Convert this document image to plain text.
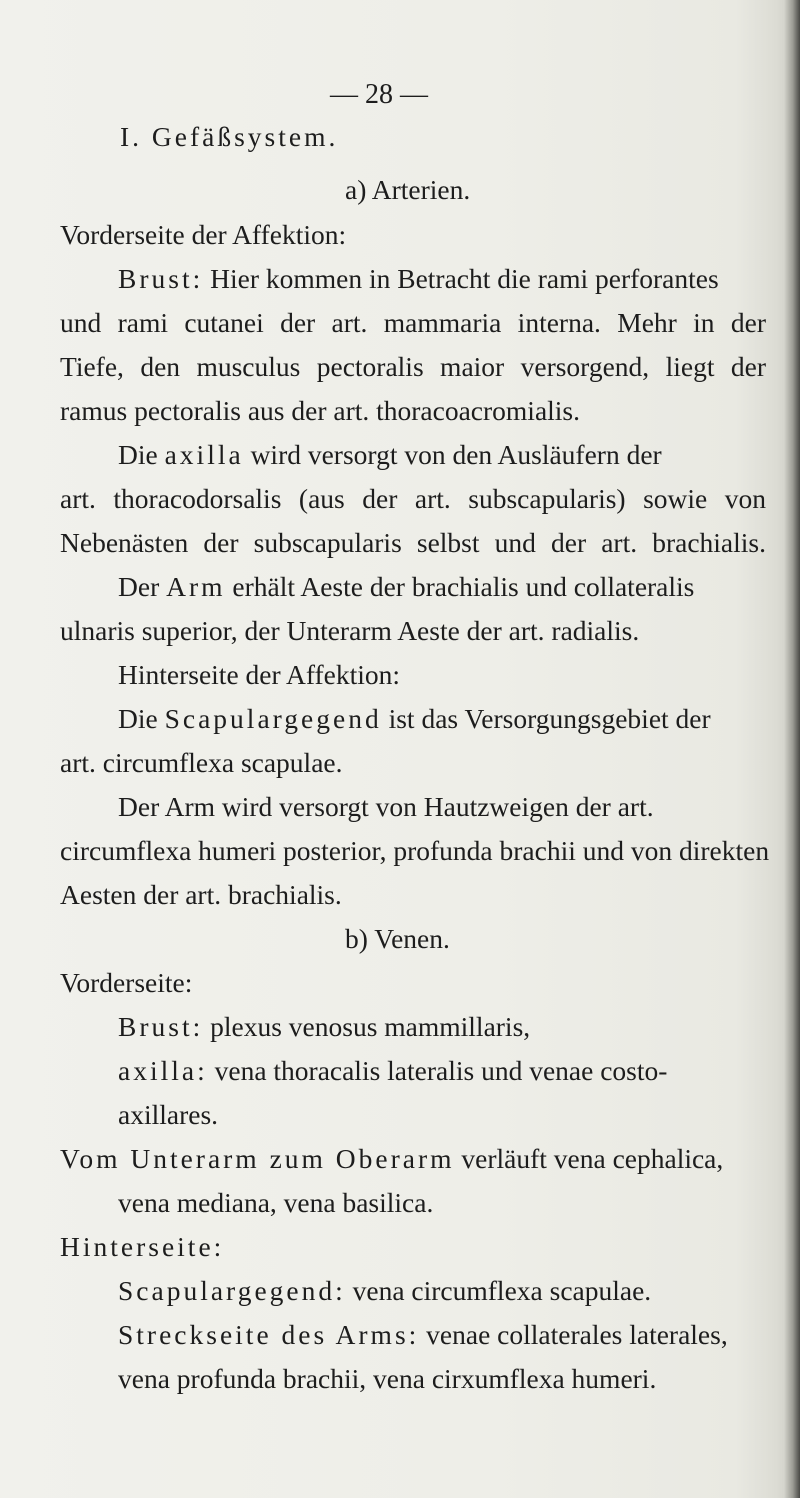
— 28 —
I. Gefäßsystem.
a) Arterien.
Vorderseite der Affektion:
Brust: Hier kommen in Betracht die rami perforantes
und rami cutanei der art. mammaria interna. Mehr in der
Tiefe, den musculus pectoralis maior versorgend, liegt der
ramus pectoralis aus der art. thoracoacromialis.
Die axilla wird versorgt von den Ausläufern der
art. thoracodorsalis (aus der art. subscapularis) sowie von
Nebenästen der subscapularis selbst und der art. brachialis.
Der Arm erhält Aeste der brachialis und collateralis
ulnaris superior, der Unterarm Aeste der art. radialis.
Hinterseite der Affektion:
Die Scapulargegend ist das Versorgungsgebiet der
art. circumflexa scapulae.
Der Arm wird versorgt von Hautzweigen der art.
circumflexa humeri posterior, profunda brachii und von direkten
Aesten der art. brachialis.
b) Venen.
Vorderseite:
Brust: plexus venosus mammillaris,
axilla: vena thoracalis lateralis und venae costo-
axillares.
Vom Unterarm zum Oberarm verläuft vena cephalica,
vena mediana, vena basilica.
Hinterseite:
Scapulargegend: vena circumflexa scapulae.
Streckseite des Arms: venae collaterales laterales,
vena profunda brachii, vena cirxumflexa humeri.
